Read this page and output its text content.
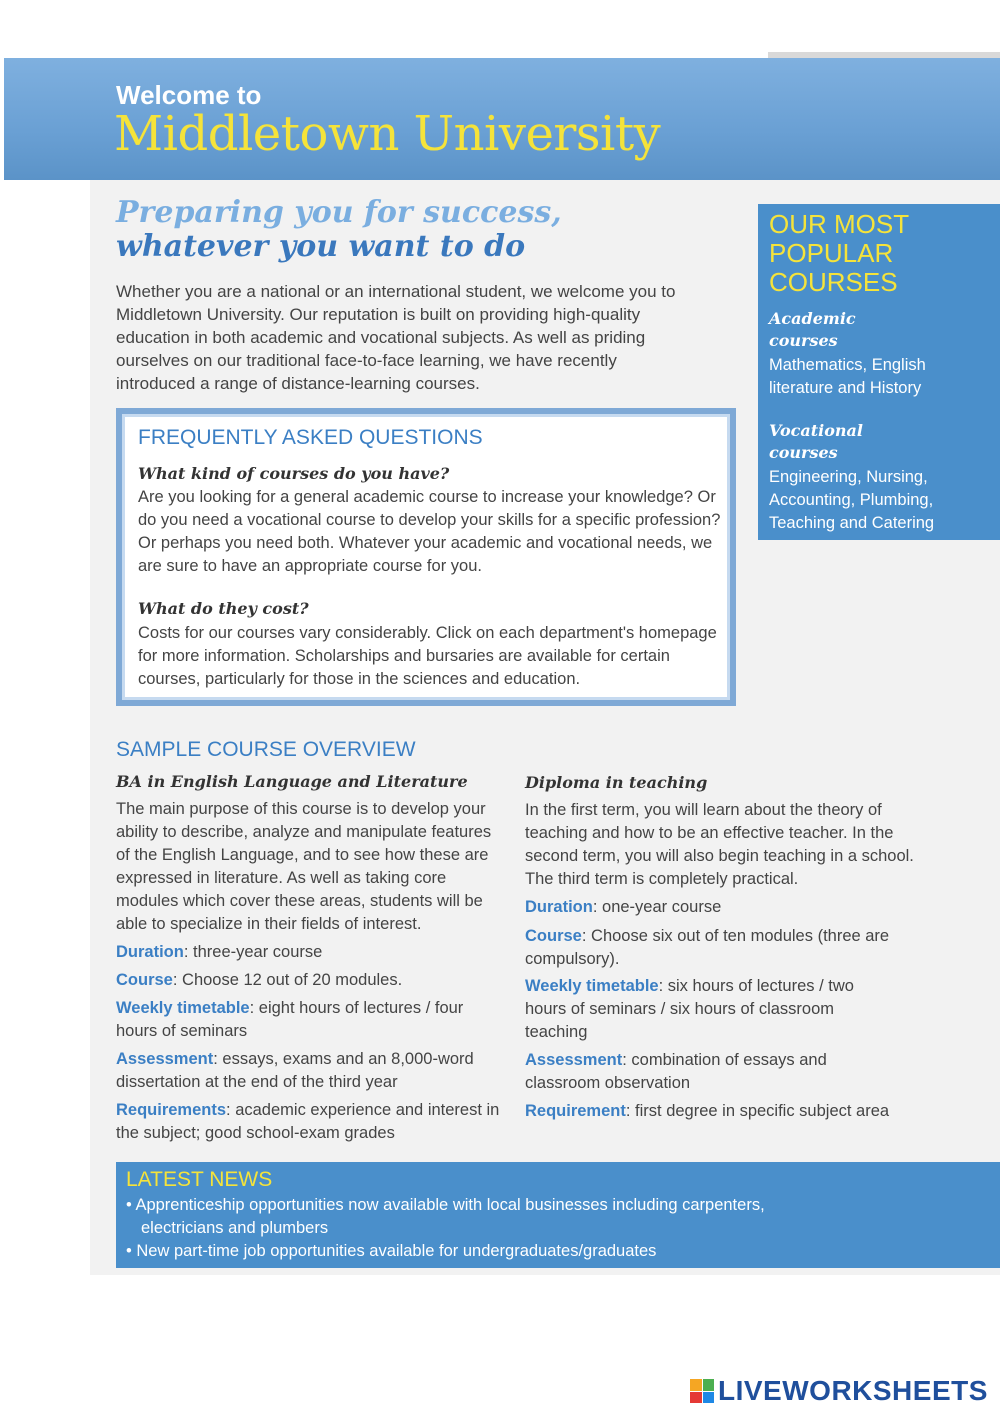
Welcome to
Middletown University
Preparing you for success,
whatever you want to do
Whether you are a national or an international student, we welcome you to Middletown University. Our reputation is built on providing high-quality education in both academic and vocational subjects. As well as priding ourselves on our traditional face-to-face learning, we have recently introduced a range of distance-learning courses.
FREQUENTLY ASKED QUESTIONS
What kind of courses do you have?
Are you looking for a general academic course to increase your knowledge? Or do you need a vocational course to develop your skills for a specific profession? Or perhaps you need both. Whatever your academic and vocational needs, we are sure to have an appropriate course for you.
What do they cost?
Costs for our courses vary considerably. Click on each department's homepage for more information. Scholarships and bursaries are available for certain courses, particularly for those in the sciences and education.
OUR MOST POPULAR COURSES
Academic courses
Mathematics, English literature and History
Vocational courses
Engineering, Nursing, Accounting, Plumbing, Teaching and Catering
SAMPLE COURSE OVERVIEW
BA in English Language and Literature
The main purpose of this course is to develop your ability to describe, analyze and manipulate features of the English Language, and to see how these are expressed in literature. As well as taking core modules which cover these areas, students will be able to specialize in their fields of interest.
Duration: three-year course
Course: Choose 12 out of 20 modules.
Weekly timetable: eight hours of lectures / four hours of seminars
Assessment: essays, exams and an 8,000-word dissertation at the end of the third year
Requirements: academic experience and interest in the subject; good school-exam grades
Diploma in teaching
In the first term, you will learn about the theory of teaching and how to be an effective teacher. In the second term, you will also begin teaching in a school. The third term is completely practical.
Duration: one-year course
Course: Choose six out of ten modules (three are compulsory).
Weekly timetable: six hours of lectures / two hours of seminars / six hours of classroom teaching
Assessment: combination of essays and classroom observation
Requirement: first degree in specific subject area
LATEST NEWS
• Apprenticeship opportunities now available with local businesses including carpenters, electricians and plumbers
• New part-time job opportunities available for undergraduates/graduates
LIVEWORKSHEETS
